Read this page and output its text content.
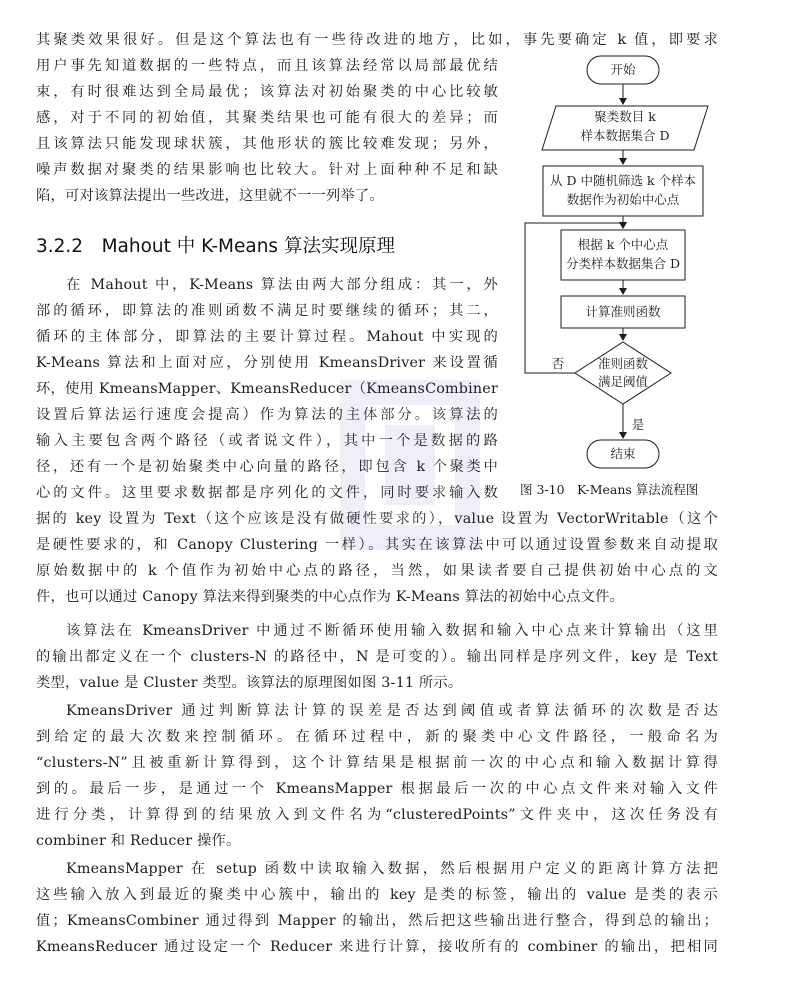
其聚类效果很好。但是这个算法也有一些待改进的地方，比如，事先要确定 k 值，即要求
用户事先知道数据的一些特点，而且该算法经常以局部最优结
束，有时很难达到全局最优；该算法对初始聚类的中心比较敏
感，对于不同的初始值，其聚类结果也可能有很大的差异；而
且该算法只能发现球状簇，其他形状的簇比较难发现；另外，
噪声数据对聚类的结果影响也比较大。针对上面种种不足和缺
陷，可对该算法提出一些改进，这里就不一一列举了。
3.2.2　Mahout 中 K-Means 算法实现原理
在 Mahout 中，K-Means 算法由两大部分组成：其一，外
部的循环，即算法的准则函数不满足时要继续的循环；其二，
循环的主体部分，即算法的主要计算过程。Mahout 中实现的
K-Means 算法和上面对应，分别使用 KmeansDriver 来设置循
环，使用 KmeansMapper、KmeansReducer（KmeansCombiner
设置后算法运行速度会提高）作为算法的主体部分。该算法的
输入主要包含两个路径（或者说文件），其中一个是数据的路
径，还有一个是初始聚类中心向量的路径，即包含 k 个聚类中
心的文件。这里要求数据都是序列化的文件，同时要求输入数
据的 key 设置为 Text（这个应该是没有做硬性要求的），value 设置为 VectorWritable（这个
是硬性要求的，和 Canopy Clustering 一样）。其实在该算法中可以通过设置参数来自动提取
原始数据中的 k 个值作为初始中心点的路径，当然，如果读者要自己提供初始中心点的文
件，也可以通过 Canopy 算法来得到聚类的中心点作为 K-Means 算法的初始中心点文件。
该算法在 KmeansDriver 中通过不断循环使用输入数据和输入中心点来计算输出（这里
的输出都定义在一个 clusters-N 的路径中，N 是可变的）。输出同样是序列文件，key 是 Text
类型，value 是 Cluster 类型。该算法的原理图如图 3-11 所示。
KmeansDriver 通过判断算法计算的误差是否达到阈值或者算法循环的次数是否达
到给定的最大次数来控制循环。在循环过程中，新的聚类中心文件路径，一般命名为
“clusters-N”且被重新计算得到，这个计算结果是根据前一次的中心点和输入数据计算得
到的。最后一步，是通过一个 KmeansMapper 根据最后一次的中心点文件来对输入文件
进行分类，计算得到的结果放入到文件名为“clusteredPoints”文件夹中，这次任务没有
combiner 和 Reducer 操作。
KmeansMapper 在 setup 函数中读取输入数据，然后根据用户定义的距离计算方法把
这些输入放入到最近的聚类中心簇中，输出的 key 是类的标签，输出的 value 是类的表示
值；KmeansCombiner 通过得到 Mapper 的输出，然后把这些输出进行整合，得到总的输出；
KmeansReducer 通过设定一个 Reducer 来进行计算，接收所有的 combiner 的输出，把相同
开始
聚类数目 k
样本数据集合 D
从 D 中随机筛选 k 个样本
数据作为初始中心点
根据 k 个中心点
分类样本数据集合 D
计算准则函数
准则函数
满足阈值
否
是
结束
图 3-10　K-Means 算法流程图
